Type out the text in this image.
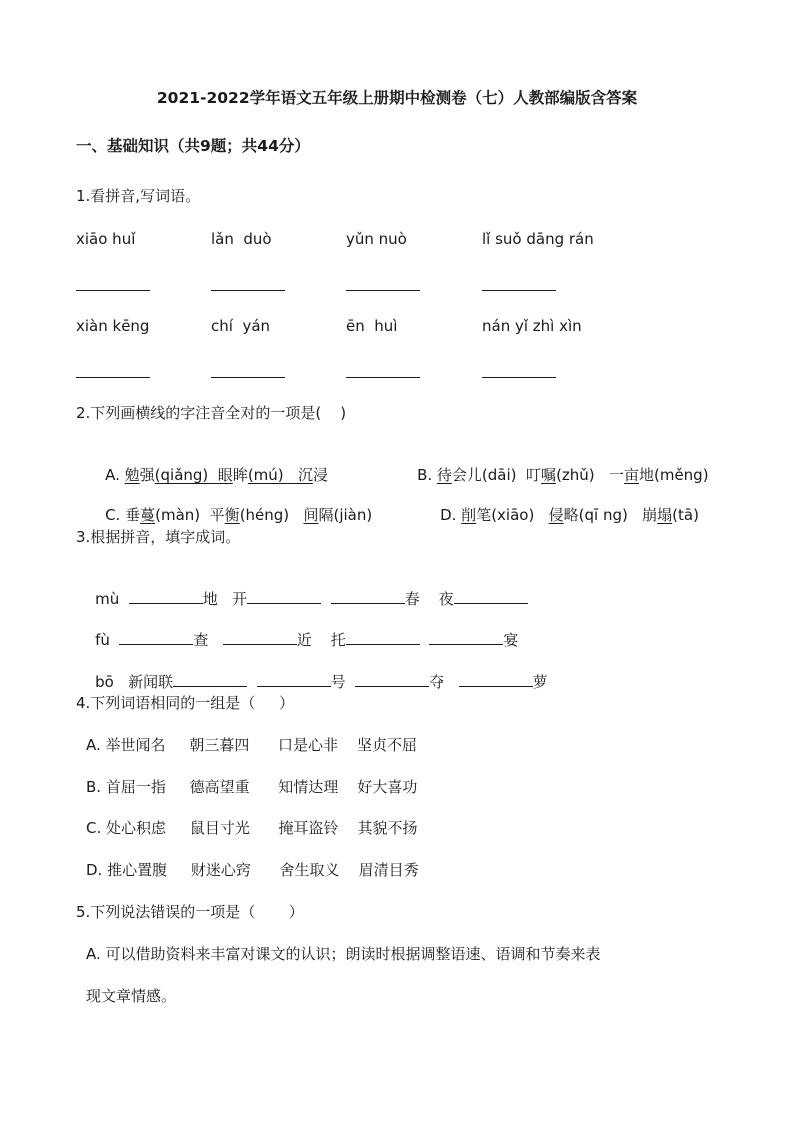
2021-2022学年语文五年级上册期中检测卷（七）人教部编版含答案
一、基础知识（共9题；共44分）
1.看拼音,写词语。
xiāo huǐ	lǎn  duò	yǔn nuò	lǐ suǒ dāng rán
xiàn kēng	chí  yán	ēn  huì	nán yǐ zhì xìn
2.下列画横线的字注音全对的一项是(    )

A. 勉强(qiǎng)  眼眸(mú)   沉浸
	B. 待会儿(dāi)  叮嘱(zhǔ)   一亩地(měng)

C. 垂蔓(màn)  平衡(héng)   间隔(jiàn)
	D. 削笔(xiāo)   侵略(qī ng)   崩塌(tā)

3.根据拼音，填字成词。

mù	地   开	春    夜

fù	查	近    托	宴

bō   新闻联	号	夺	萝

4.下列词语相同的一组是（     ）
A. 举世闻名     朝三暮四      口是心非    坚贞不屈
B. 首屈一指     德高望重      知情达理    好大喜功
C. 处心积虑     鼠目寸光      掩耳盗铃    其貌不扬
D. 推心置腹     财迷心窍      舍生取义    眉清目秀
5.下列说法错误的一项是（       ）
A. 可以借助资料来丰富对课文的认识；朗读时根据调整语速、语调和节奏来表
现文章情感。
